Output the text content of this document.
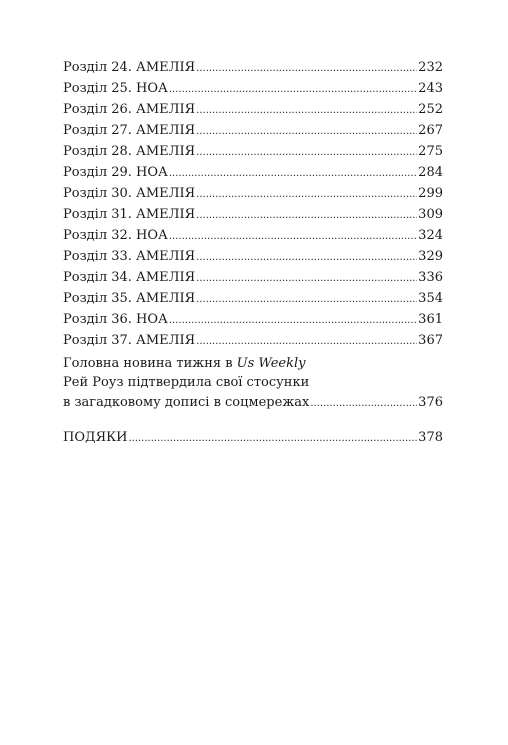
Розділ 24. АМЕЛІЯ .....	232
Розділ 25. НОА .....	243
Розділ 26. АМЕЛІЯ .....	252
Розділ 27. АМЕЛІЯ .....	267
Розділ 28. АМЕЛІЯ .....	275
Розділ 29. НОА .....	284
Розділ 30. АМЕЛІЯ .....	299
Розділ 31. АМЕЛІЯ .....	309
Розділ 32. НОА .....	324
Розділ 33. АМЕЛІЯ .....	329
Розділ 34. АМЕЛІЯ .....	336
Розділ 35. АМЕЛІЯ .....	354
Розділ 36. НОА .....	361
Розділ 37. АМЕЛІЯ .....	367
Головна новина тижня в Us Weekly
Рей Роуз підтвердила свої стосунки
в загадковому дописі в соцмережах .....	376
ПОДЯКИ .....	378
